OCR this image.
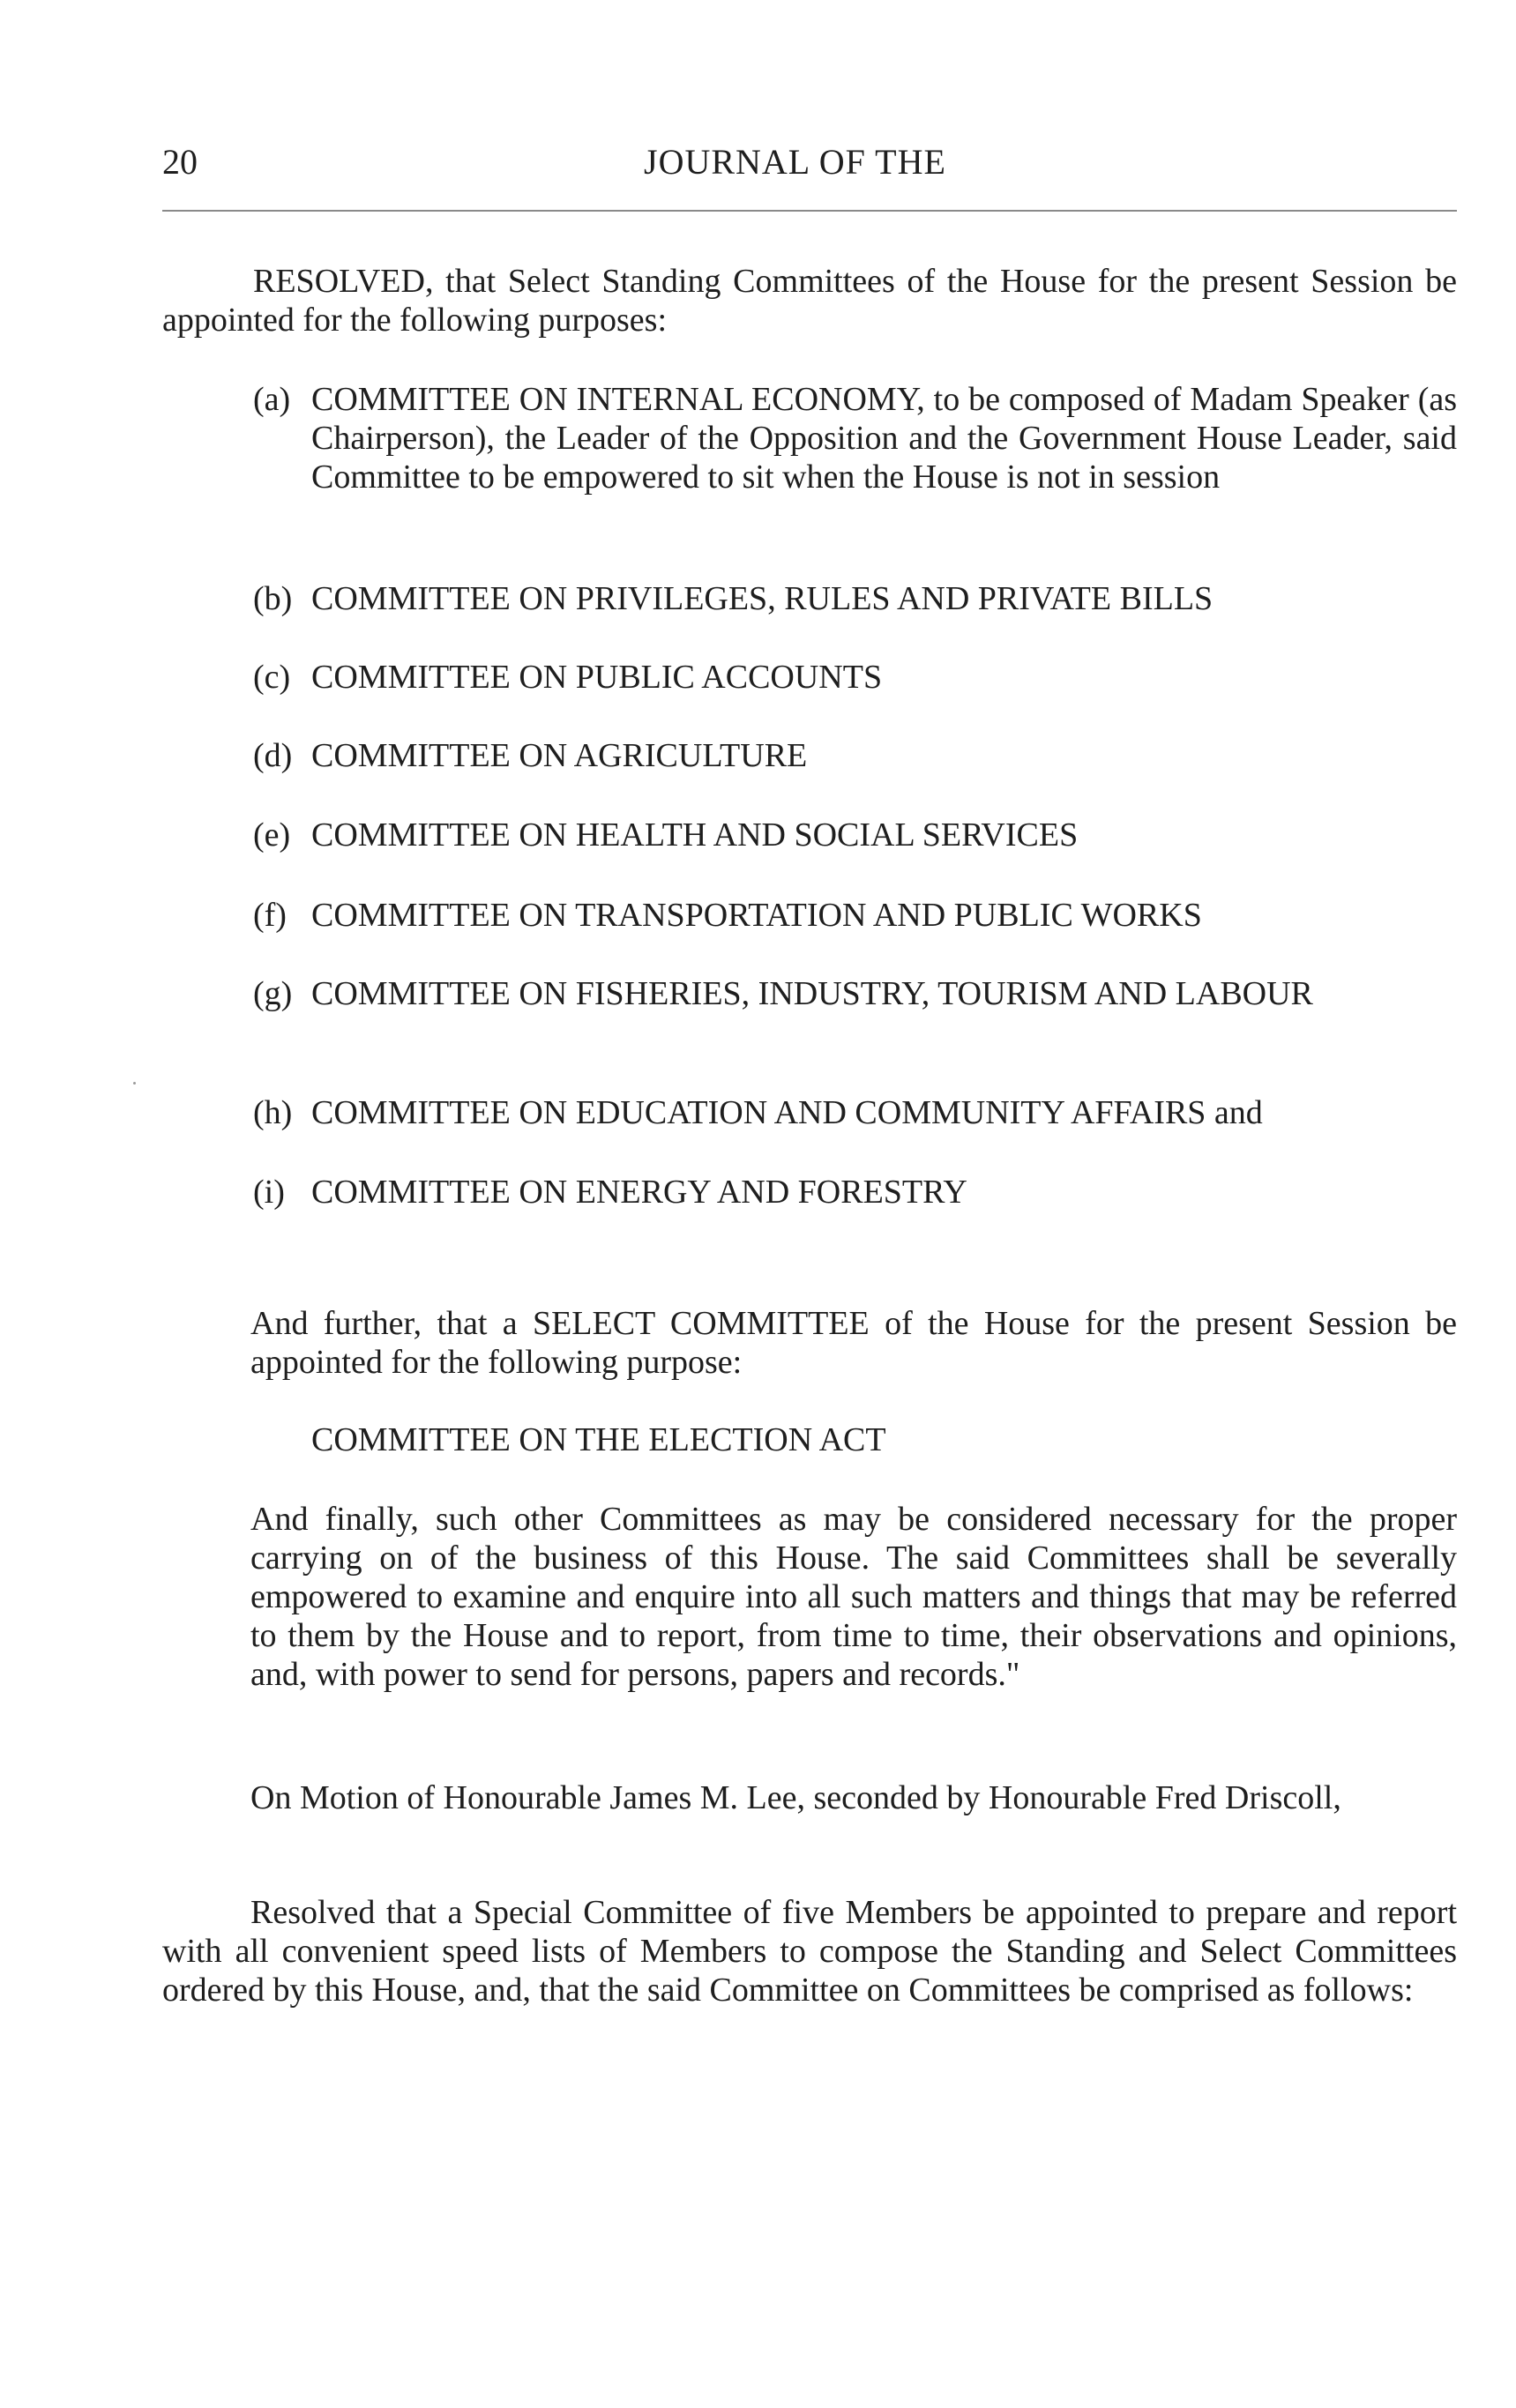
20	JOURNAL OF THE

RESOLVED, that Select Standing Committees of the House for the present Session be appointed for the following purposes:

(a) COMMITTEE ON INTERNAL ECONOMY, to be composed of Madam Speaker (as Chairperson), the Leader of the Opposition and the Government House Leader, said Committee to be empowered to sit when the House is not in session
(b) COMMITTEE ON PRIVILEGES, RULES AND PRIVATE BILLS
(c) COMMITTEE ON PUBLIC ACCOUNTS
(d) COMMITTEE ON AGRICULTURE
(e) COMMITTEE ON HEALTH AND SOCIAL SERVICES
(f) COMMITTEE ON TRANSPORTATION AND PUBLIC WORKS
(g) COMMITTEE ON FISHERIES, INDUSTRY, TOURISM AND LABOUR
(h) COMMITTEE ON EDUCATION AND COMMUNITY AFFAIRS and
(i) COMMITTEE ON ENERGY AND FORESTRY

And further, that a SELECT COMMITTEE of the House for the present Session be appointed for the following purpose:

COMMITTEE ON THE ELECTION ACT

And finally, such other Committees as may be considered necessary for the proper carrying on of the business of this House. The said Committees shall be severally empowered to examine and enquire into all such matters and things that may be referred to them by the House and to report, from time to time, their observations and opinions, and, with power to send for persons, papers and records."

On Motion of Honourable James M. Lee, seconded by Honourable Fred Driscoll,

Resolved that a Special Committee of five Members be appointed to prepare and report with all convenient speed lists of Members to compose the Standing and Select Committees ordered by this House, and, that the said Committee on Committees be comprised as follows:
